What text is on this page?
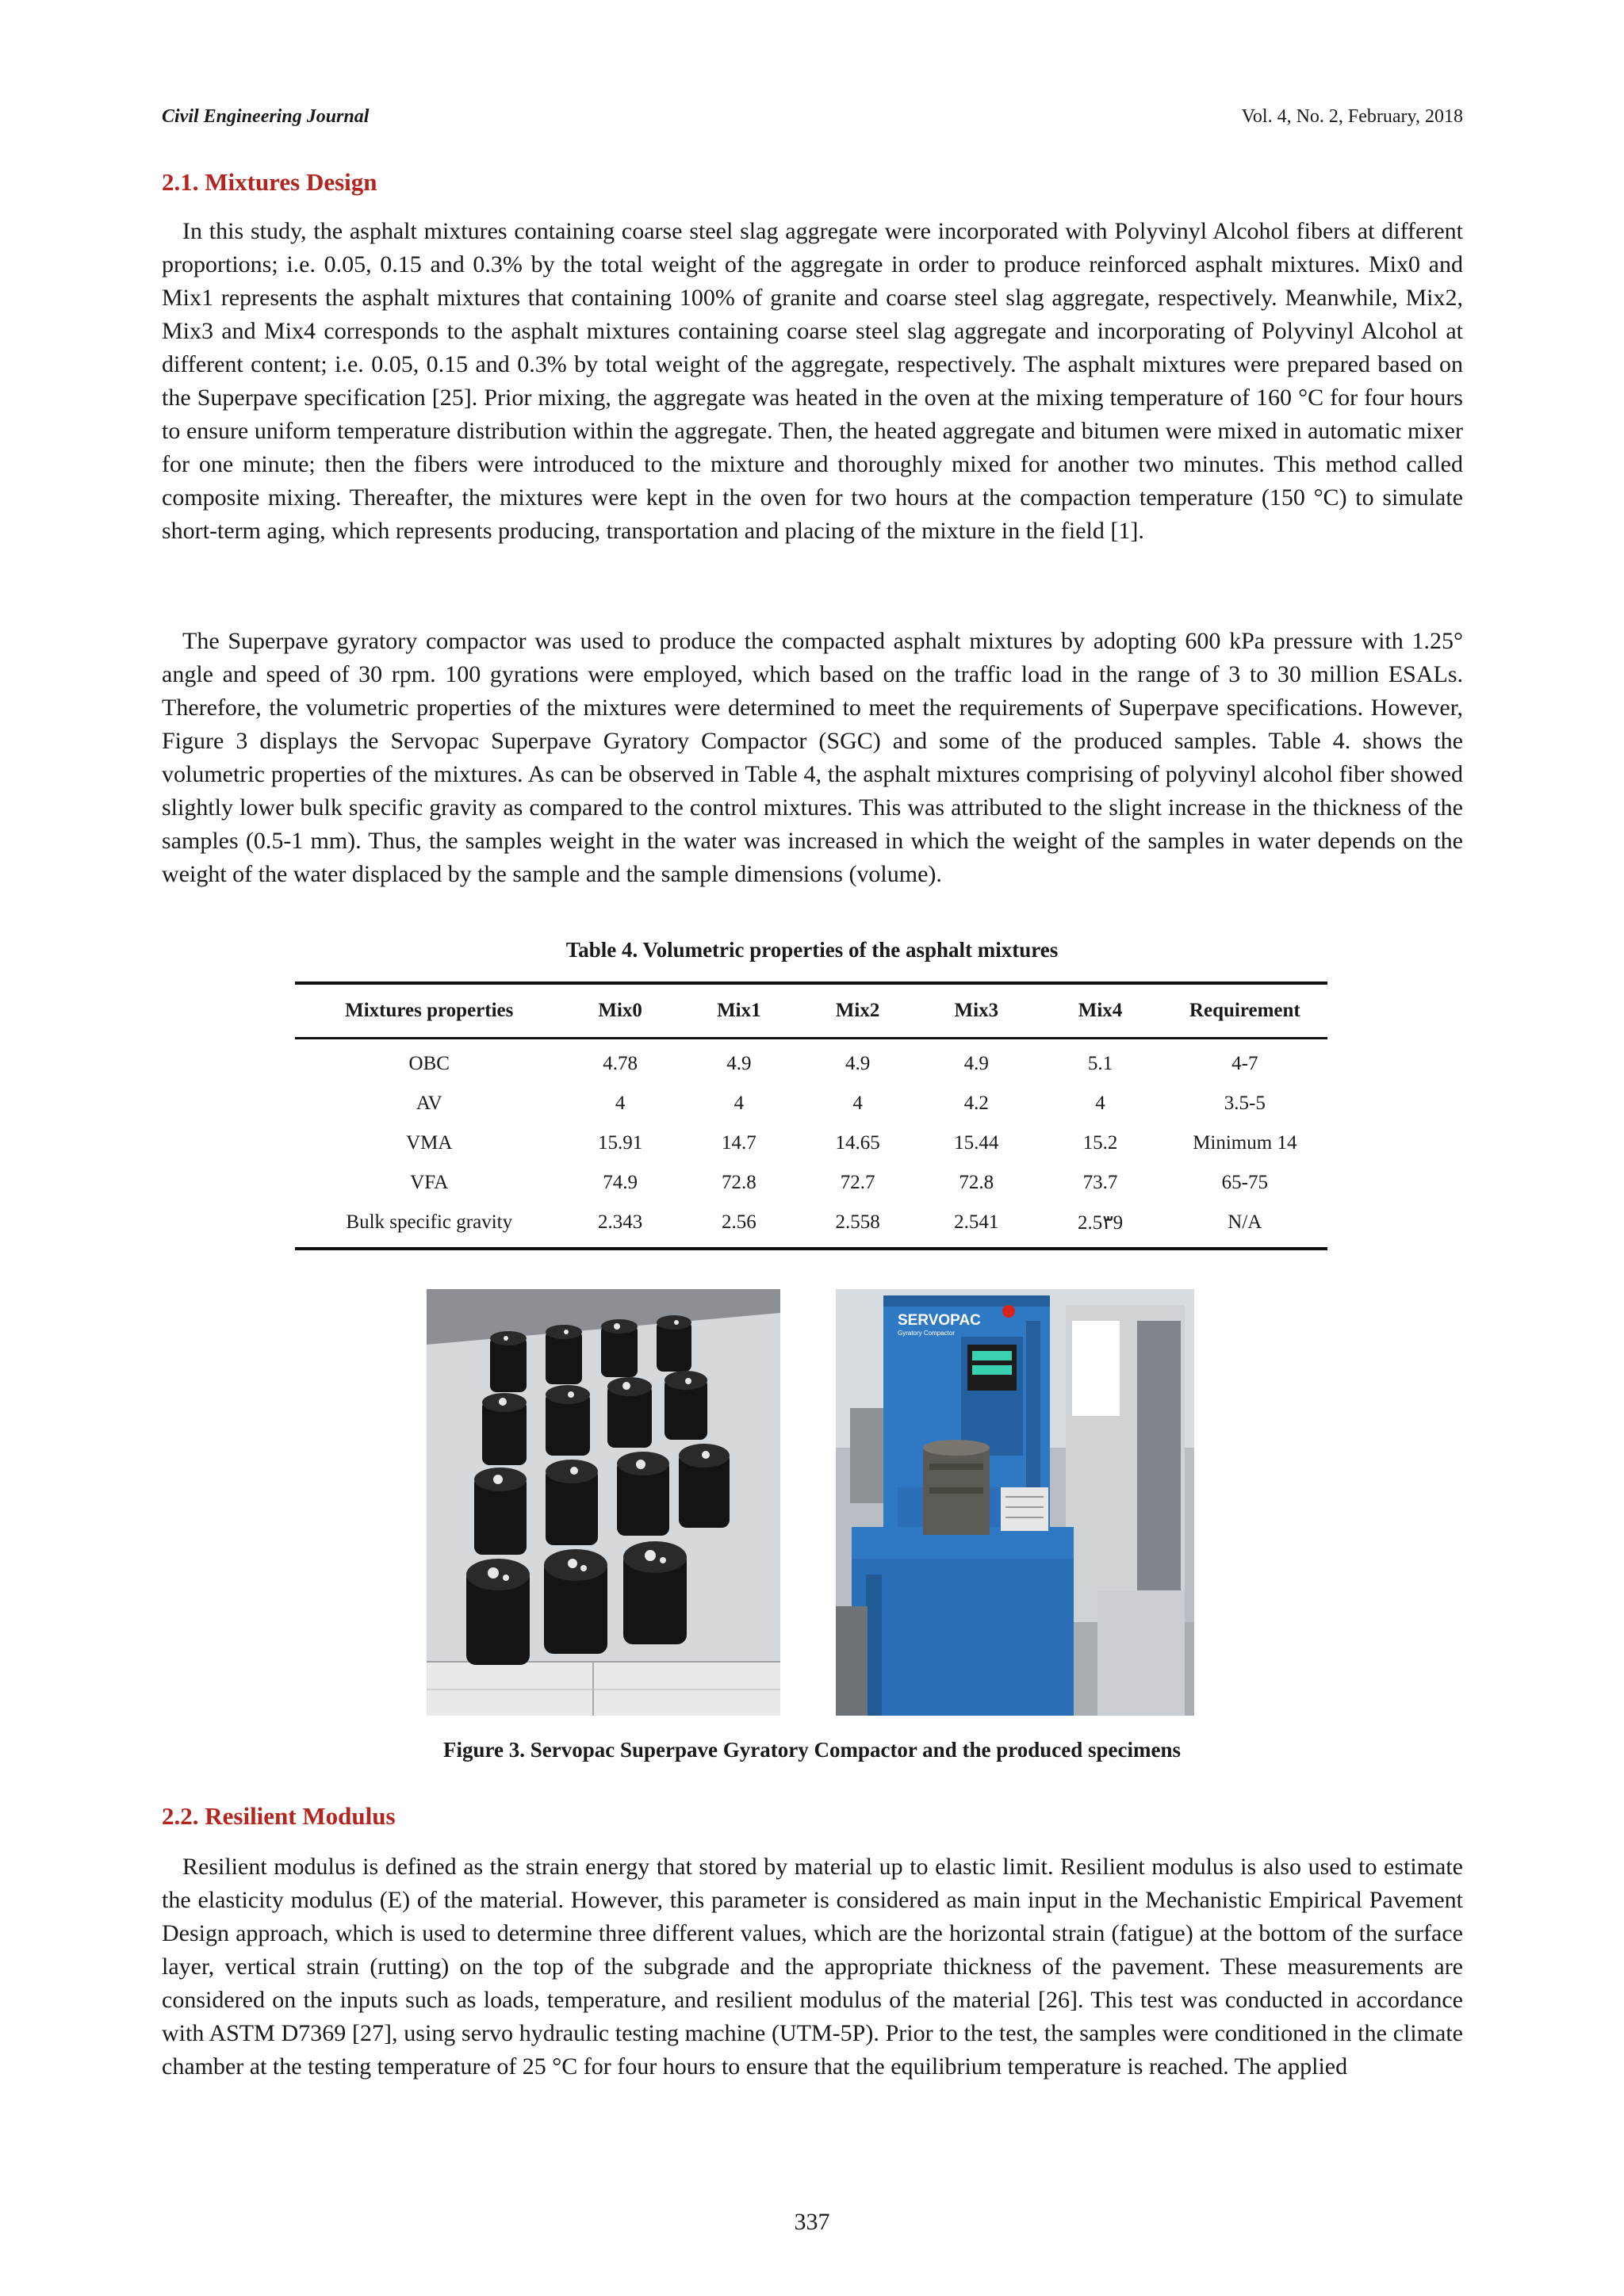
Civil Engineering Journal	Vol. 4, No. 2, February, 2018
2.1. Mixtures Design

In this study, the asphalt mixtures containing coarse steel slag aggregate were incorporated with Polyvinyl Alcohol fibers at different proportions; i.e. 0.05, 0.15 and 0.3% by the total weight of the aggregate in order to produce reinforced asphalt mixtures. Mix0 and Mix1 represents the asphalt mixtures that containing 100% of granite and coarse steel slag aggregate, respectively. Meanwhile, Mix2, Mix3 and Mix4 corresponds to the asphalt mixtures containing coarse steel slag aggregate and incorporating of Polyvinyl Alcohol at different content; i.e. 0.05, 0.15 and 0.3% by total weight of the aggregate, respectively. The asphalt mixtures were prepared based on the Superpave specification [25]. Prior mixing, the aggregate was heated in the oven at the mixing temperature of 160 °C for four hours to ensure uniform temperature distribution within the aggregate. Then, the heated aggregate and bitumen were mixed in automatic mixer for one minute; then the fibers were introduced to the mixture and thoroughly mixed for another two minutes. This method called composite mixing. Thereafter, the mixtures were kept in the oven for two hours at the compaction temperature (150 °C) to simulate short-term aging, which represents producing, transportation and placing of the mixture in the field [1].

The Superpave gyratory compactor was used to produce the compacted asphalt mixtures by adopting 600 kPa pressure with 1.25° angle and speed of 30 rpm. 100 gyrations were employed, which based on the traffic load in the range of 3 to 30 million ESALs. Therefore, the volumetric properties of the mixtures were determined to meet the requirements of Superpave specifications. However, Figure 3 displays the Servopac Superpave Gyratory Compactor (SGC) and some of the produced samples. Table 4. shows the volumetric properties of the mixtures. As can be observed in Table 4, the asphalt mixtures comprising of polyvinyl alcohol fiber showed slightly lower bulk specific gravity as compared to the control mixtures. This was attributed to the slight increase in the thickness of the samples (0.5-1 mm). Thus, the samples weight in the water was increased in which the weight of the samples in water depends on the weight of the water displaced by the sample and the sample dimensions (volume).

Table 4. Volumetric properties of the asphalt mixtures
Mixtures properties	Mix0	Mix1	Mix2	Mix3	Mix4	Requirement
OBC	4.78	4.9	4.9	4.9	5.1	4-7
AV	4	4	4	4.2	4	3.5-5
VMA	15.91	14.7	14.65	15.44	15.2	Minimum 14
VFA	74.9	72.8	72.7	72.8	73.7	65-75
Bulk specific gravity	2.343	2.56	2.558	2.541	2.5۳9	N/A
SERVOPAC
Gyratory Compactor
Figure 3. Servopac Superpave Gyratory Compactor and the produced specimens
2.2. Resilient Modulus

Resilient modulus is defined as the strain energy that stored by material up to elastic limit. Resilient modulus is also used to estimate the elasticity modulus (E) of the material. However, this parameter is considered as main input in the Mechanistic Empirical Pavement Design approach, which is used to determine three different values, which are the horizontal strain (fatigue) at the bottom of the surface layer, vertical strain (rutting) on the top of the subgrade and the appropriate thickness of the pavement. These measurements are considered on the inputs such as loads, temperature, and resilient modulus of the material [26]. This test was conducted in accordance with ASTM D7369 [27], using servo hydraulic testing machine (UTM-5P). Prior to the test, the samples were conditioned in the climate chamber at the testing temperature of 25 °C for four hours to ensure that the equilibrium temperature is reached. The applied

337
